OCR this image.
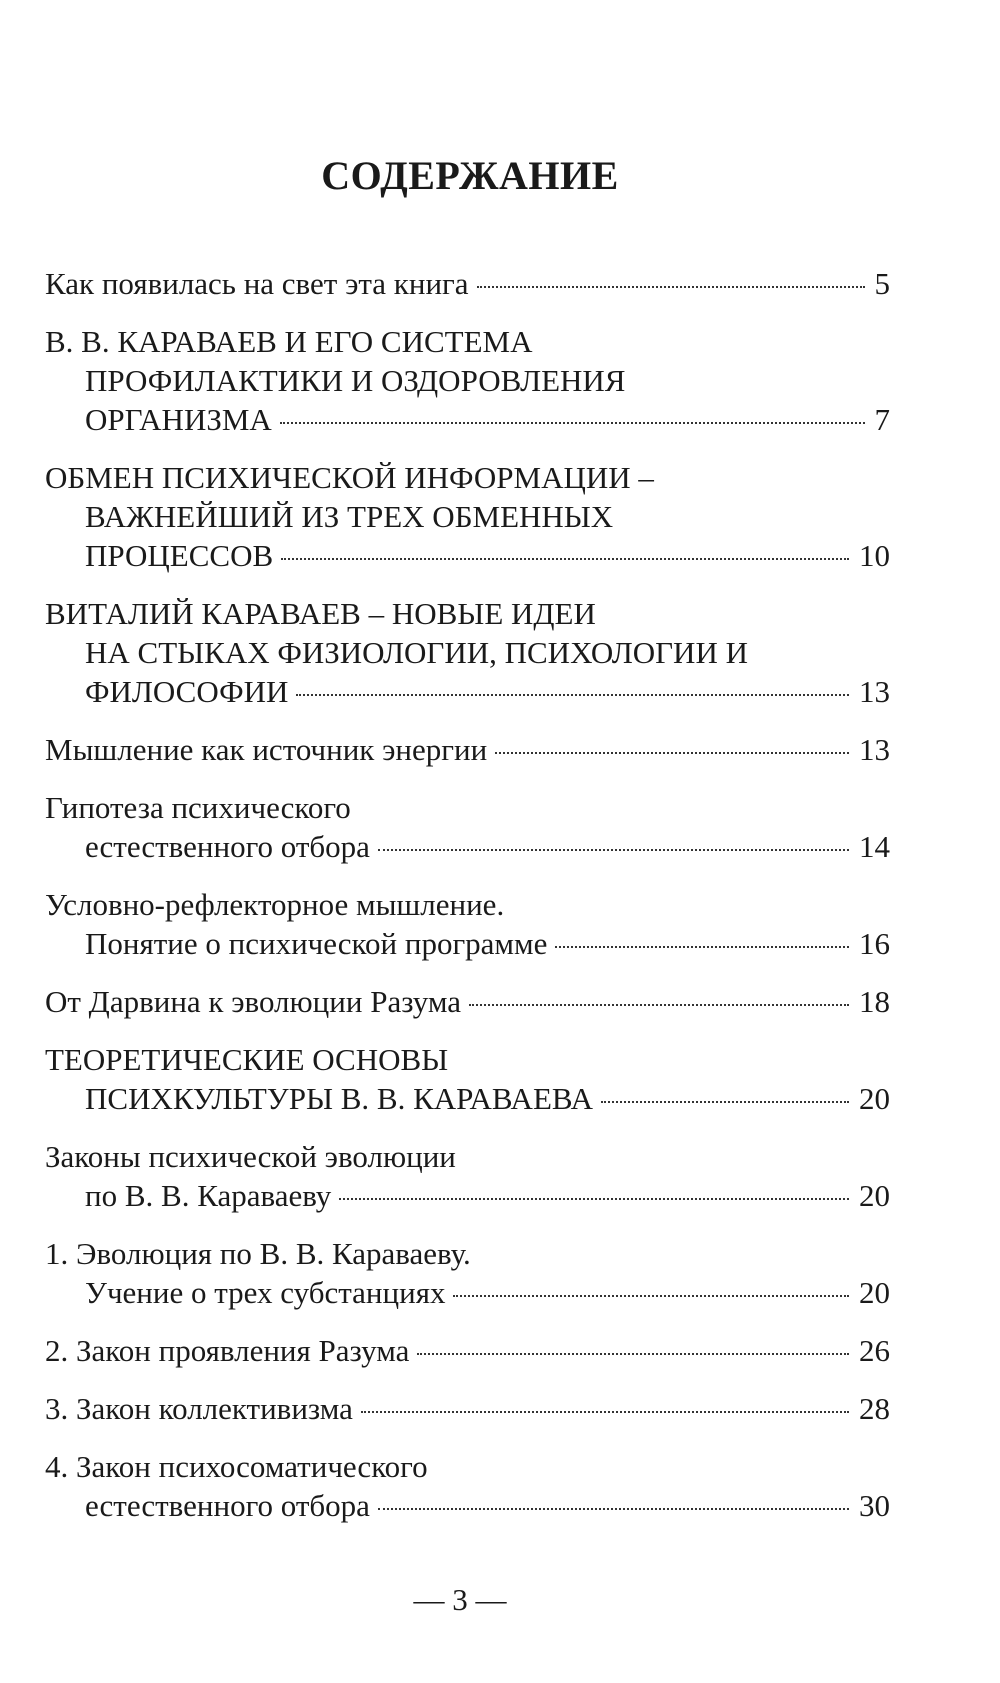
СОДЕРЖАНИЕ
Как появилась на свет эта книга	5
В. В. КАРАВАЕВ И ЕГО СИСТЕМА
ПРОФИЛАКТИКИ И ОЗДОРОВЛЕНИЯ
ОРГАНИЗМА	7
ОБМЕН ПСИХИЧЕСКОЙ ИНФОРМАЦИИ –
ВАЖНЕЙШИЙ ИЗ ТРЕХ ОБМЕННЫХ
ПРОЦЕССОВ	10
ВИТАЛИЙ КАРАВАЕВ – НОВЫЕ ИДЕИ
НА СТЫКАХ ФИЗИОЛОГИИ, ПСИХОЛОГИИ И
ФИЛОСОФИИ	13
Мышление как источник энергии	13
Гипотеза психического
естественного отбора	14
Условно-рефлекторное мышление.
Понятие о психической программе	16
От Дарвина к эволюции Разума	18
ТЕОРЕТИЧЕСКИЕ ОСНОВЫ
ПСИХКУЛЬТУРЫ В. В. КАРАВАЕВА	20
Законы психической эволюции
по В. В. Караваеву	20
1. Эволюция по В. В. Караваеву.
Учение о трех субстанциях	20
2. Закон проявления Разума	26
3. Закон коллективизма	28
4. Закон психосоматического
естественного отбора	30
— 3 —
